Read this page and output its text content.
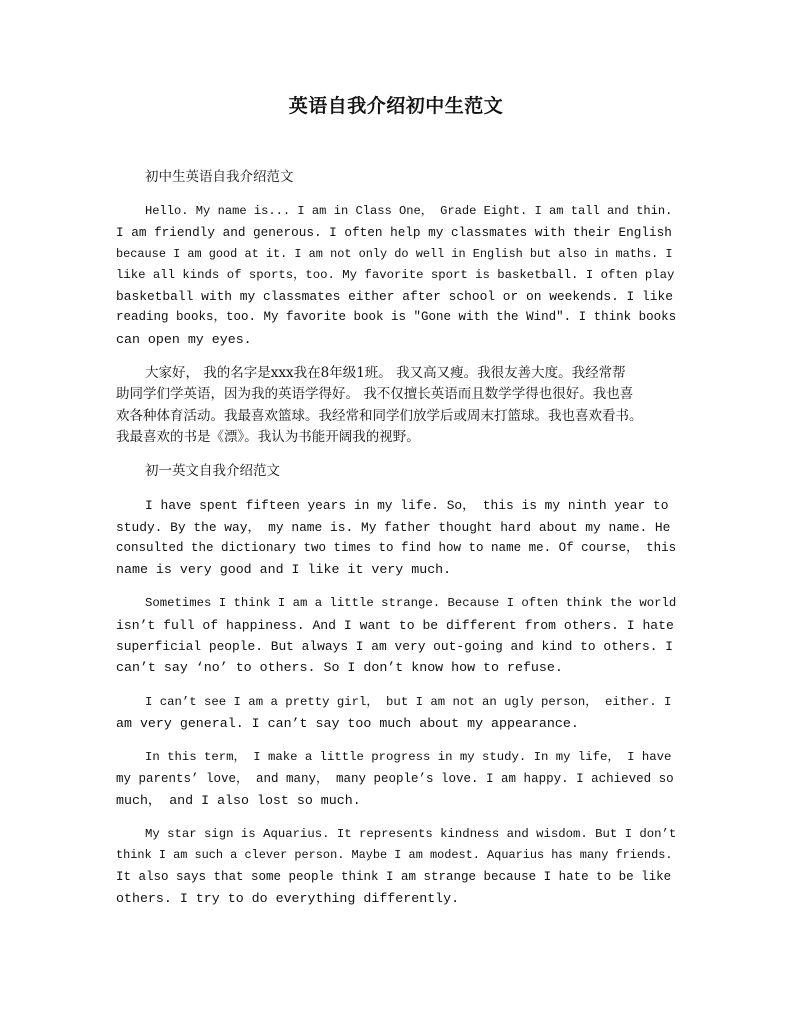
英语自我介绍初中生范文

初中生英语自我介绍范文

Hello. My name is... I am in Class One， Grade Eight. I am tall and thin.
I am friendly and generous. I often help my classmates with their English
because I am good at it. I am not only do well in English but also in maths. I
like all kinds of sports，too. My favorite sport is basketball. I often play
basketball with my classmates either after school or on weekends. I like
reading books，too. My favorite book is "Gone with the Wind". I think books
can open my eyes.
大家好， 我的名字是xxx我在8年级1班。 我又高又瘦。我很友善大度。我经常帮
助同学们学英语，因为我的英语学得好。 我不仅擅长英语而且数学学得也很好。我也喜
欢各种体育活动。我最喜欢篮球。我经常和同学们放学后或周末打篮球。我也喜欢看书。
我最喜欢的书是《漂》。我认为书能开阔我的视野。

初一英文自我介绍范文

I have spent fifteen years in my life. So， this is my ninth year to
study. By the way， my name is. My father thought hard about my name. He
consulted the dictionary two times to find how to name me. Of course， this
name is very good and I like it very much.
Sometimes I think I am a little strange. Because I often think the world
isn’t full of happiness. And I want to be different from others. I hate
superficial people. But always I am very out-going and kind to others. I
can’t say ‘no’ to others. So I don’t know how to refuse.
I can’t see I am a pretty girl， but I am not an ugly person， either. I
am very general. I can’t say too much about my appearance.
In this term， I make a little progress in my study. In my life， I have
my parents’ love， and many， many people’s love. I am happy. I achieved so
much， and I also lost so much.
My star sign is Aquarius. It represents kindness and wisdom. But I don’t
think I am such a clever person. Maybe I am modest. Aquarius has many friends.
It also says that some people think I am strange because I hate to be like
others. I try to do everything differently.
